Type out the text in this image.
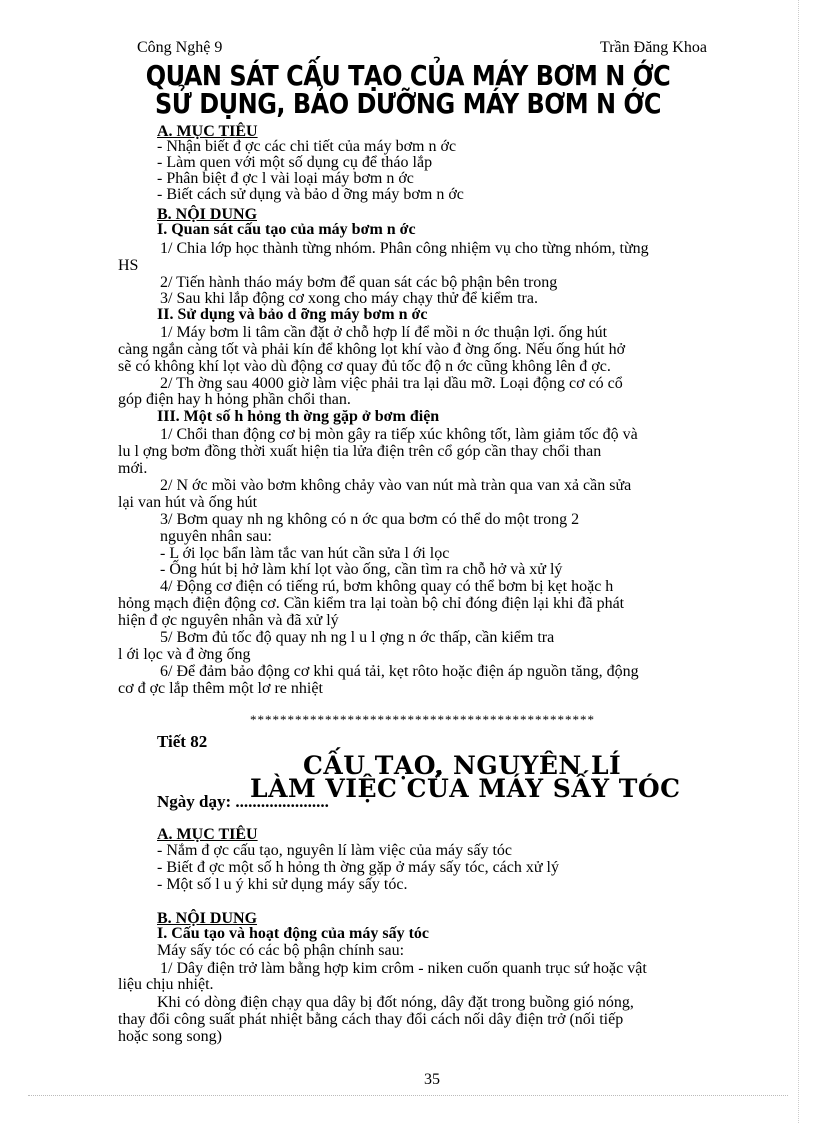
Công Nghệ 9	Trần Đăng Khoa
QUAN SÁT CẤU TẠO CỦA MÁY BƠM N ỚC
SỬ DỤNG, BẢO DƯỠNG MÁY BƠM N ỚC
A. MỤC TIÊU
- Nhận biết đ ợc các chi tiết của máy bơm n ớc
- Làm quen với một số dụng cụ để tháo lắp
- Phân biệt đ ợc l vài loại máy bơm n ớc
- Biết cách sử dụng và bảo d ỡng máy bơm n ớc
B. NỘI DUNG
I. Quan sát cấu tạo của máy bơm n ớc
1/ Chia lớp học thành từng nhóm. Phân công nhiệm vụ cho từng nhóm, từng
HS
2/ Tiến hành tháo máy bơm để quan sát các bộ phận bên trong
3/ Sau khi lắp động cơ xong cho máy chạy thử để kiểm tra.
II. Sử dụng và bảo d ỡng máy bơm n ớc
1/ Máy bơm li tâm cần đặt ở chỗ hợp lí để mồi n ớc thuận lợi. ống hút
càng ngắn càng tốt và phải kín để không lọt khí vào đ ờng ống. Nếu ống hút hở
sẽ có không khí lọt vào dù động cơ quay đủ tốc độ n ớc cũng không lên đ ợc.
2/ Th ờng sau 4000 giờ làm việc phải tra lại dầu mỡ. Loại động cơ có cổ
góp điện hay h hỏng phần chổi than.
III. Một số h hỏng th ờng gặp ở bơm điện
1/ Chổi than động cơ bị mòn gây ra tiếp xúc không tốt, làm giảm tốc độ và
lu l ợng bơm đồng thời xuất hiện tia lửa điện trên cổ góp cần thay chổi than
mới.
2/ N ớc mồi vào bơm không chảy vào van nút mà tràn qua van xả cần sửa
lại van hút và ống hút
3/ Bơm quay nh ng không có n ớc qua bơm có thể do một trong 2
nguyên nhân sau:
- L ới lọc bẩn làm tắc van hút cần sửa l ới lọc
- Ống hút bị hở làm khí lọt vào ống, cần tìm ra chỗ hở và xử lý
4/ Động cơ điện có tiếng rú, bơm không quay có thể bơm bị kẹt hoặc h
hỏng mạch điện động cơ. Cần kiểm tra lại toàn bộ chỉ đóng điện lại khi đã phát
hiện đ ợc nguyên nhân và đã xử lý
5/ Bơm đủ tốc độ quay nh ng l u l ợng n ớc thấp, cần kiểm tra
l ới lọc và đ ờng ống
6/ Để đảm bảo động cơ khi quá tải, kẹt rôto hoặc điện áp nguồn tăng, động
cơ đ ợc lắp thêm một lơ re nhiệt
**********************************************
Tiết 82
CẤU TẠO, NGUYÊN LÍ
LÀM VIỆC CỦA MÁY SẤY TÓC
Ngày dạy: ......................
A. MỤC TIÊU
- Nắm đ ợc cấu tạo, nguyên lí làm việc của máy sấy tóc
- Biết đ ợc một số h hỏng th ờng gặp ở máy sấy tóc, cách xử lý
- Một số l u ý khi sử dụng máy sấy tóc.
B. NỘI DUNG
I. Cấu tạo và hoạt động của máy sấy tóc
Máy sấy tóc có các bộ phận chính sau:
1/ Dây điện trở làm bằng hợp kim crôm - niken cuốn quanh trục sứ hoặc vật
liệu chịu nhiệt.
Khi có dòng điện chạy qua dây bị đốt nóng, dây đặt trong buồng gió nóng,
thay đổi công suất phát nhiệt bằng cách thay đổi cách nối dây điện trở (nối tiếp
hoặc song song)
35
